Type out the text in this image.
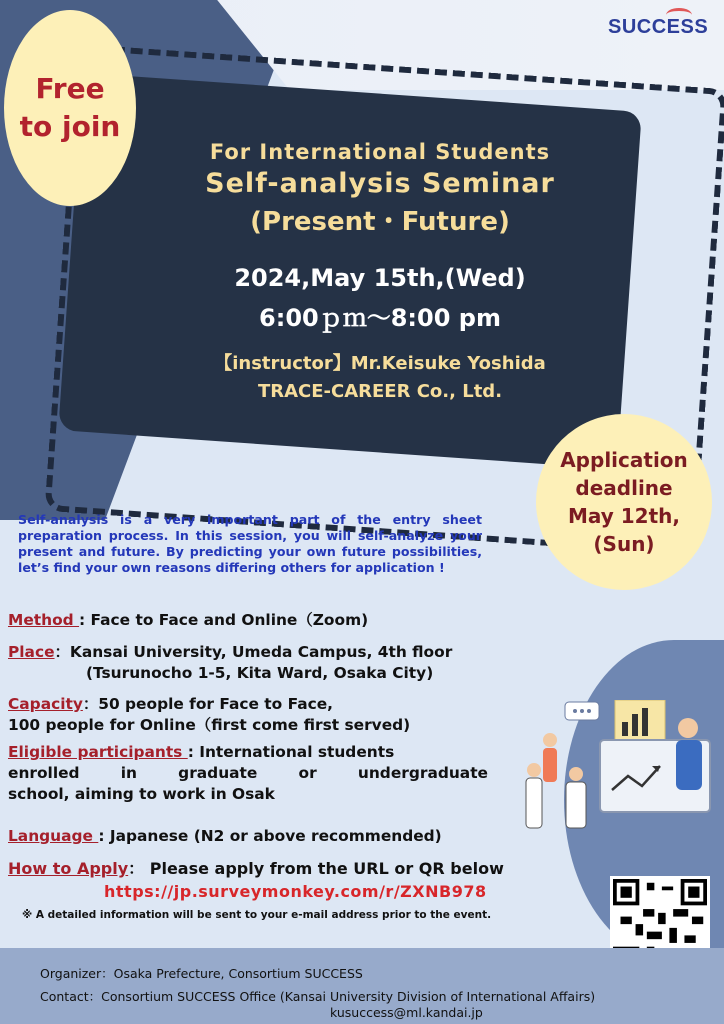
SUCCESS
For International Students
Self-analysis Seminar
(Present・Future)
2024,May 15th,(Wed)
6:00ｐｍ～8:00 pm
【instructor】Mr.Keisuke Yoshida
TRACE-CAREER Co., Ltd.
Free
to join
Application
deadline
May 12th,
(Sun)
Self-analysis is a very important part of the entry sheet preparation process. In this session, you will self-analyze your present and future. By predicting your own future possibilities, let’s find your own reasons differing others for application !
Method : Face to Face and Online（Zoom)
Place：Kansai University, Umeda Campus, 4th floor
(Tsurunocho 1-5, Kita Ward, Osaka City)
Capacity：50 people for Face to Face,
100 people for Online（first come first served)
Eligible participants : International students
enrolled in graduate or undergraduate
school, aiming to work in Osak
Language : Japanese (N2 or above recommended)
How to Apply： Please apply from the URL or QR below
https://jp.surveymonkey.com/r/ZXNB978
※ A detailed information will be sent to your e-mail address prior to the event.
Organizer：Osaka Prefecture, Consortium SUCCESS
Contact：Consortium SUCCESS Office (Kansai University Division of International Affairs)
kusuccess@ml.kandai.jp
